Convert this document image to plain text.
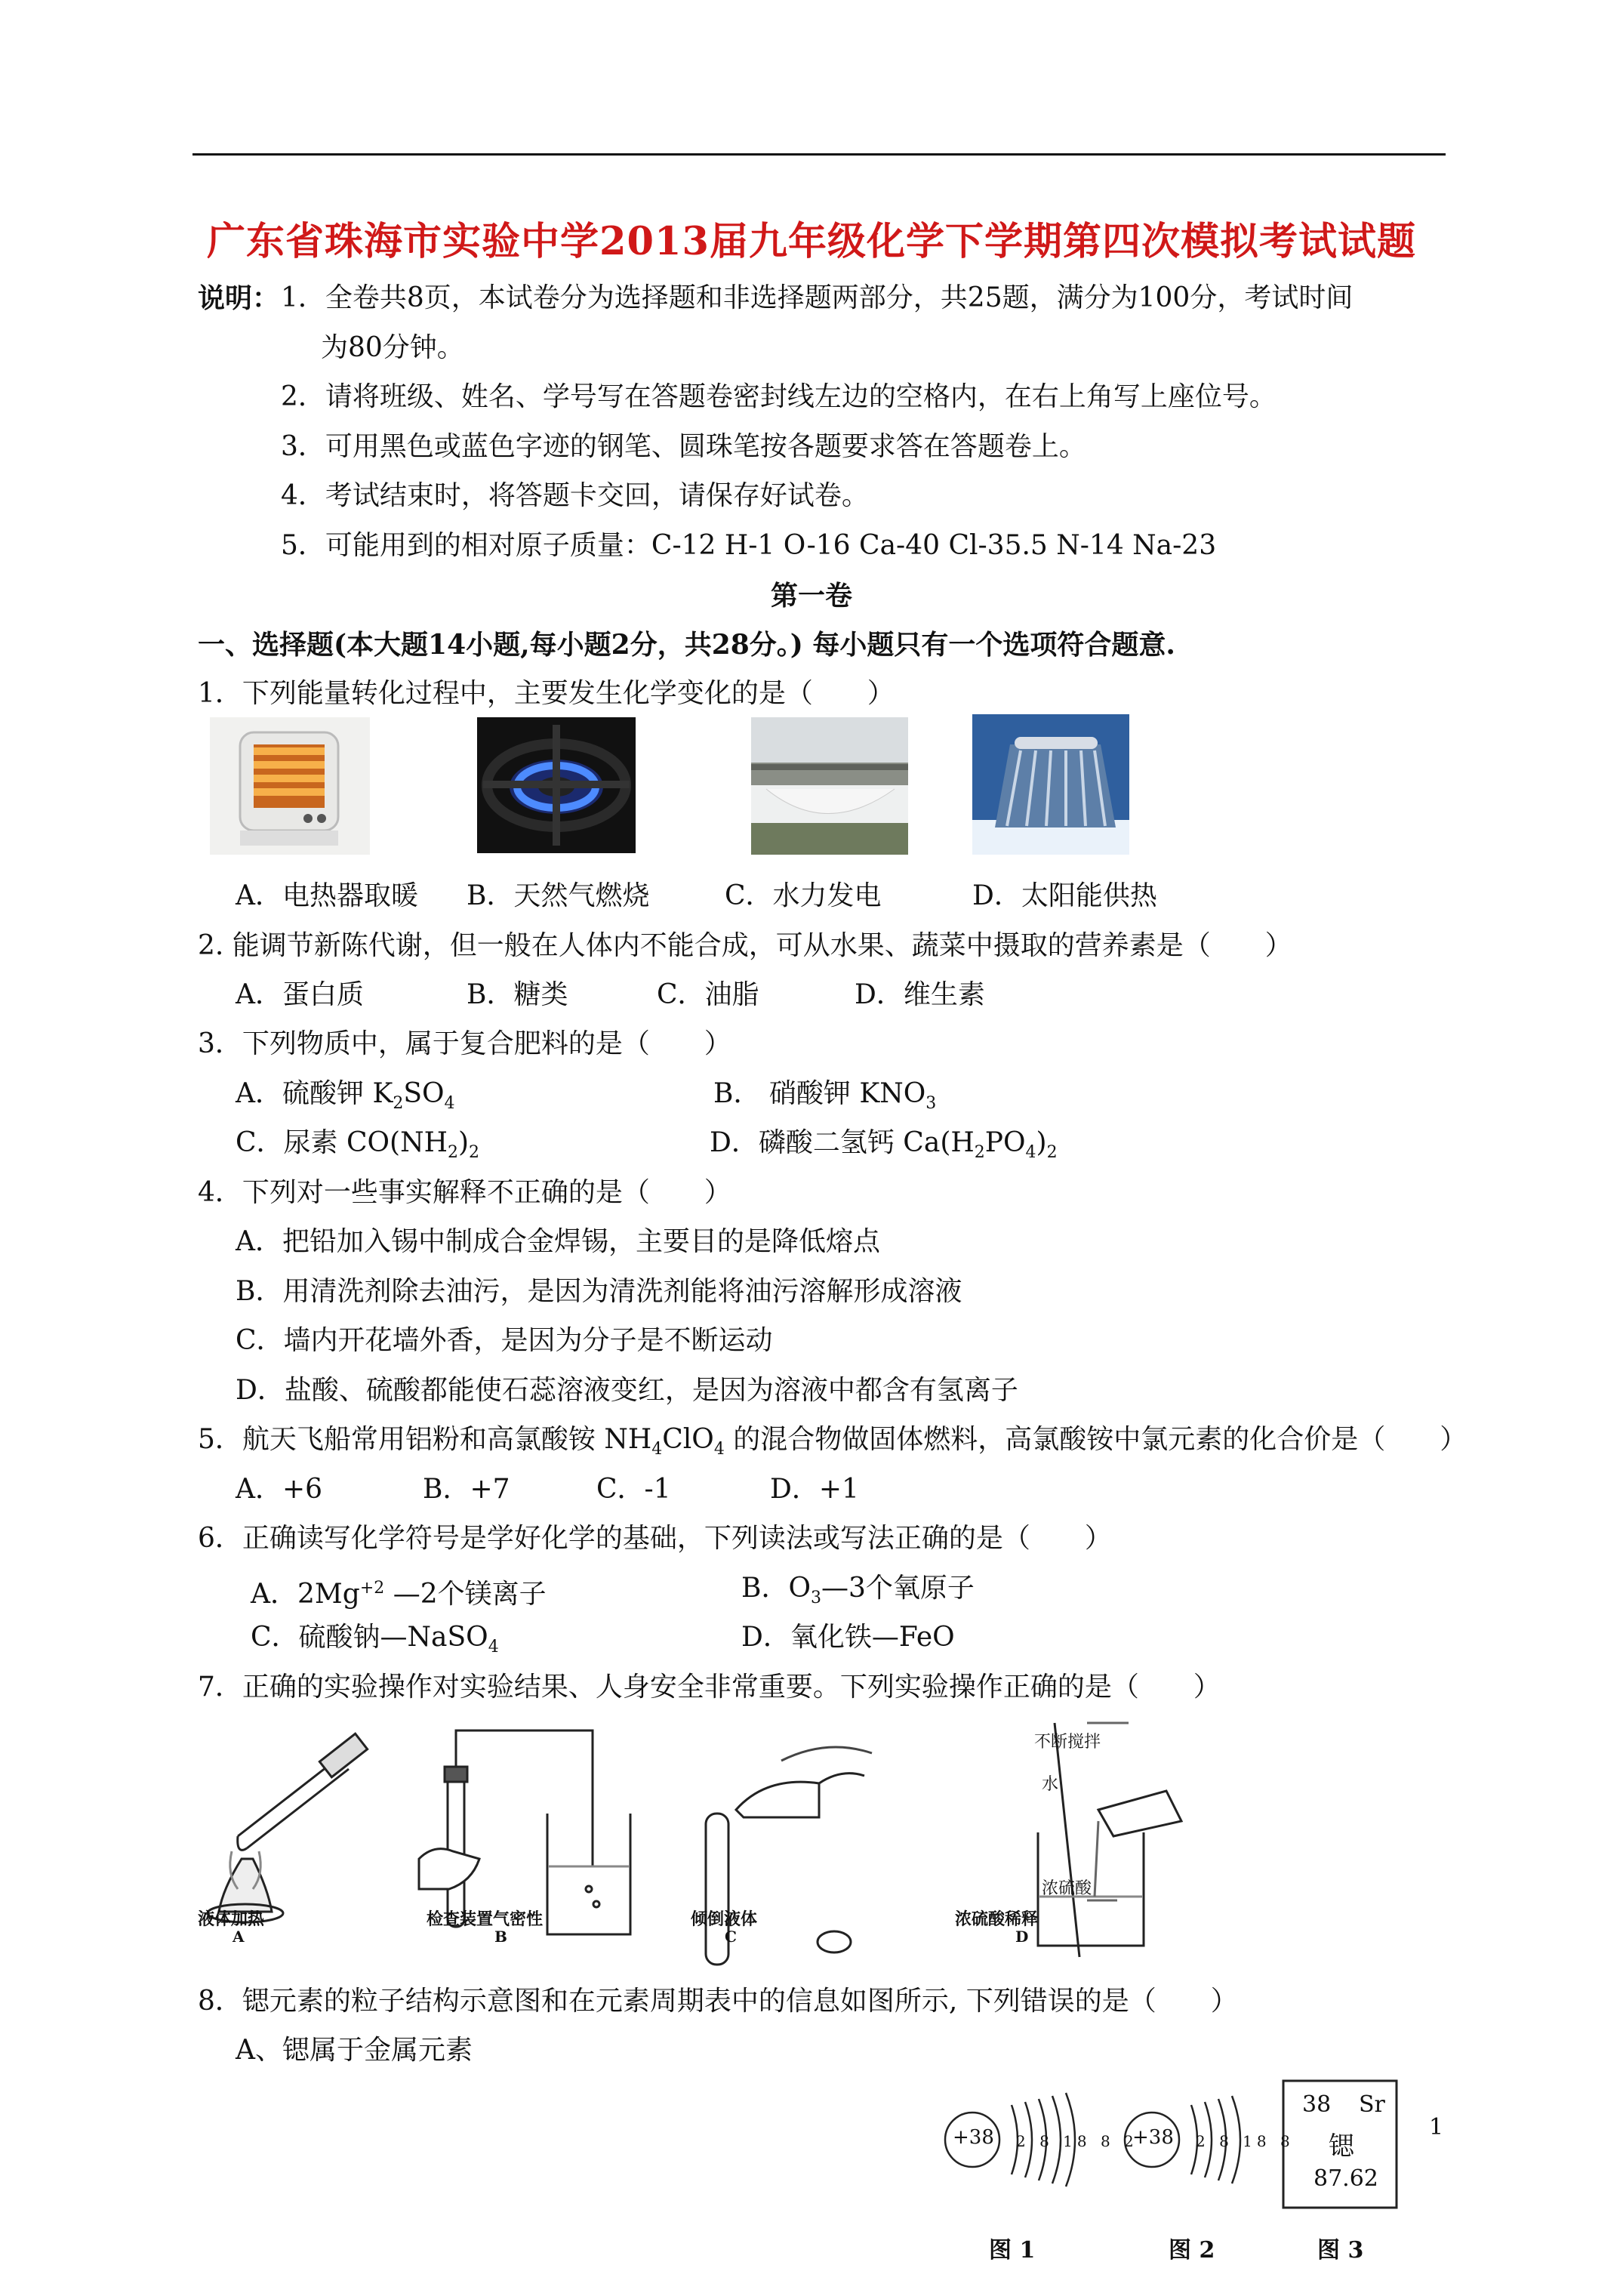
广东省珠海市实验中学2013届九年级化学下学期第四次模拟考试试题
说明： 1．全卷共8页，本试卷分为选择题和非选择题两部分，共25题，满分为100分，考试时间
为80分钟。
2．请将班级、姓名、学号写在答题卷密封线左边的空格内，在右上角写上座位号。
3．可用黑色或蓝色字迹的钢笔、圆珠笔按各题要求答在答题卷上。
4．考试结束时，将答题卡交回，请保存好试卷。
5．可能用到的相对原子质量：C-12 H-1 O-16 Ca-40 Cl-35.5 N-14 Na-23
第一卷
一、选择题(本大题14小题,每小题2分，共28分。) 每小题只有一个选项符合题意.
1．下列能量转化过程中，主要发生化学变化的是（　　）
A．电热器取暖 B．天然气燃烧	C．水力发电	D．太阳能供热
2. 能调节新陈代谢，但一般在人体内不能合成，可从水果、蔬菜中摄取的营养素是（　　）
A．蛋白质	B．糖类	C．油脂	D．维生素
3．下列物质中，属于复合肥料的是（　　）
A．硫酸钾 $K_2SO_4$	B． 硝酸钾 $KNO_3$
C．尿素 $CO(NH_2)_2$	D．磷酸二氢钙 $Ca(H_2PO_4)_2$
4．下列对一些事实解释不正确的是（　　）
A．把铅加入锡中制成合金焊锡，主要目的是降低熔点
B．用清洗剂除去油污，是因为清洗剂能将油污溶解形成溶液
C．墙内开花墙外香，是因为分子是不断运动
D．盐酸、硫酸都能使石蕊溶液变红，是因为溶液中都含有氢离子
5．航天飞船常用铝粉和高氯酸铵 $NH_4ClO_4$ 的混合物做固体燃料，高氯酸铵中氯元素的化合价是（　　）
A．+6	B．+7	C．-1	D．+1
6．正确读写化学符号是学好化学的基础，下列读法或写法正确的是（　　）
A．$2Mg^{+2}$ —2个镁离子	B．$O_3—3$个氧原子
C．硫酸钠—NaSO$_4$	D．氧化铁—FeO
7．正确的实验操作对实验结果、人身安全非常重要。下列实验操作正确的是（　　）
液体加热
A
检查装置气密性
B
倾倒液体
C
浓硫酸稀释
D
不断搅拌
水
浓硫酸
8．锶元素的粒子结构示意图和在元素周期表中的信息如图所示, 下列错误的是（　　）
A、锶属于金属元素
+38 2 8 18 8 2
+38 2 8 18 8
38 Sr
锶
87.62
图 1	图 2	图 3
1
